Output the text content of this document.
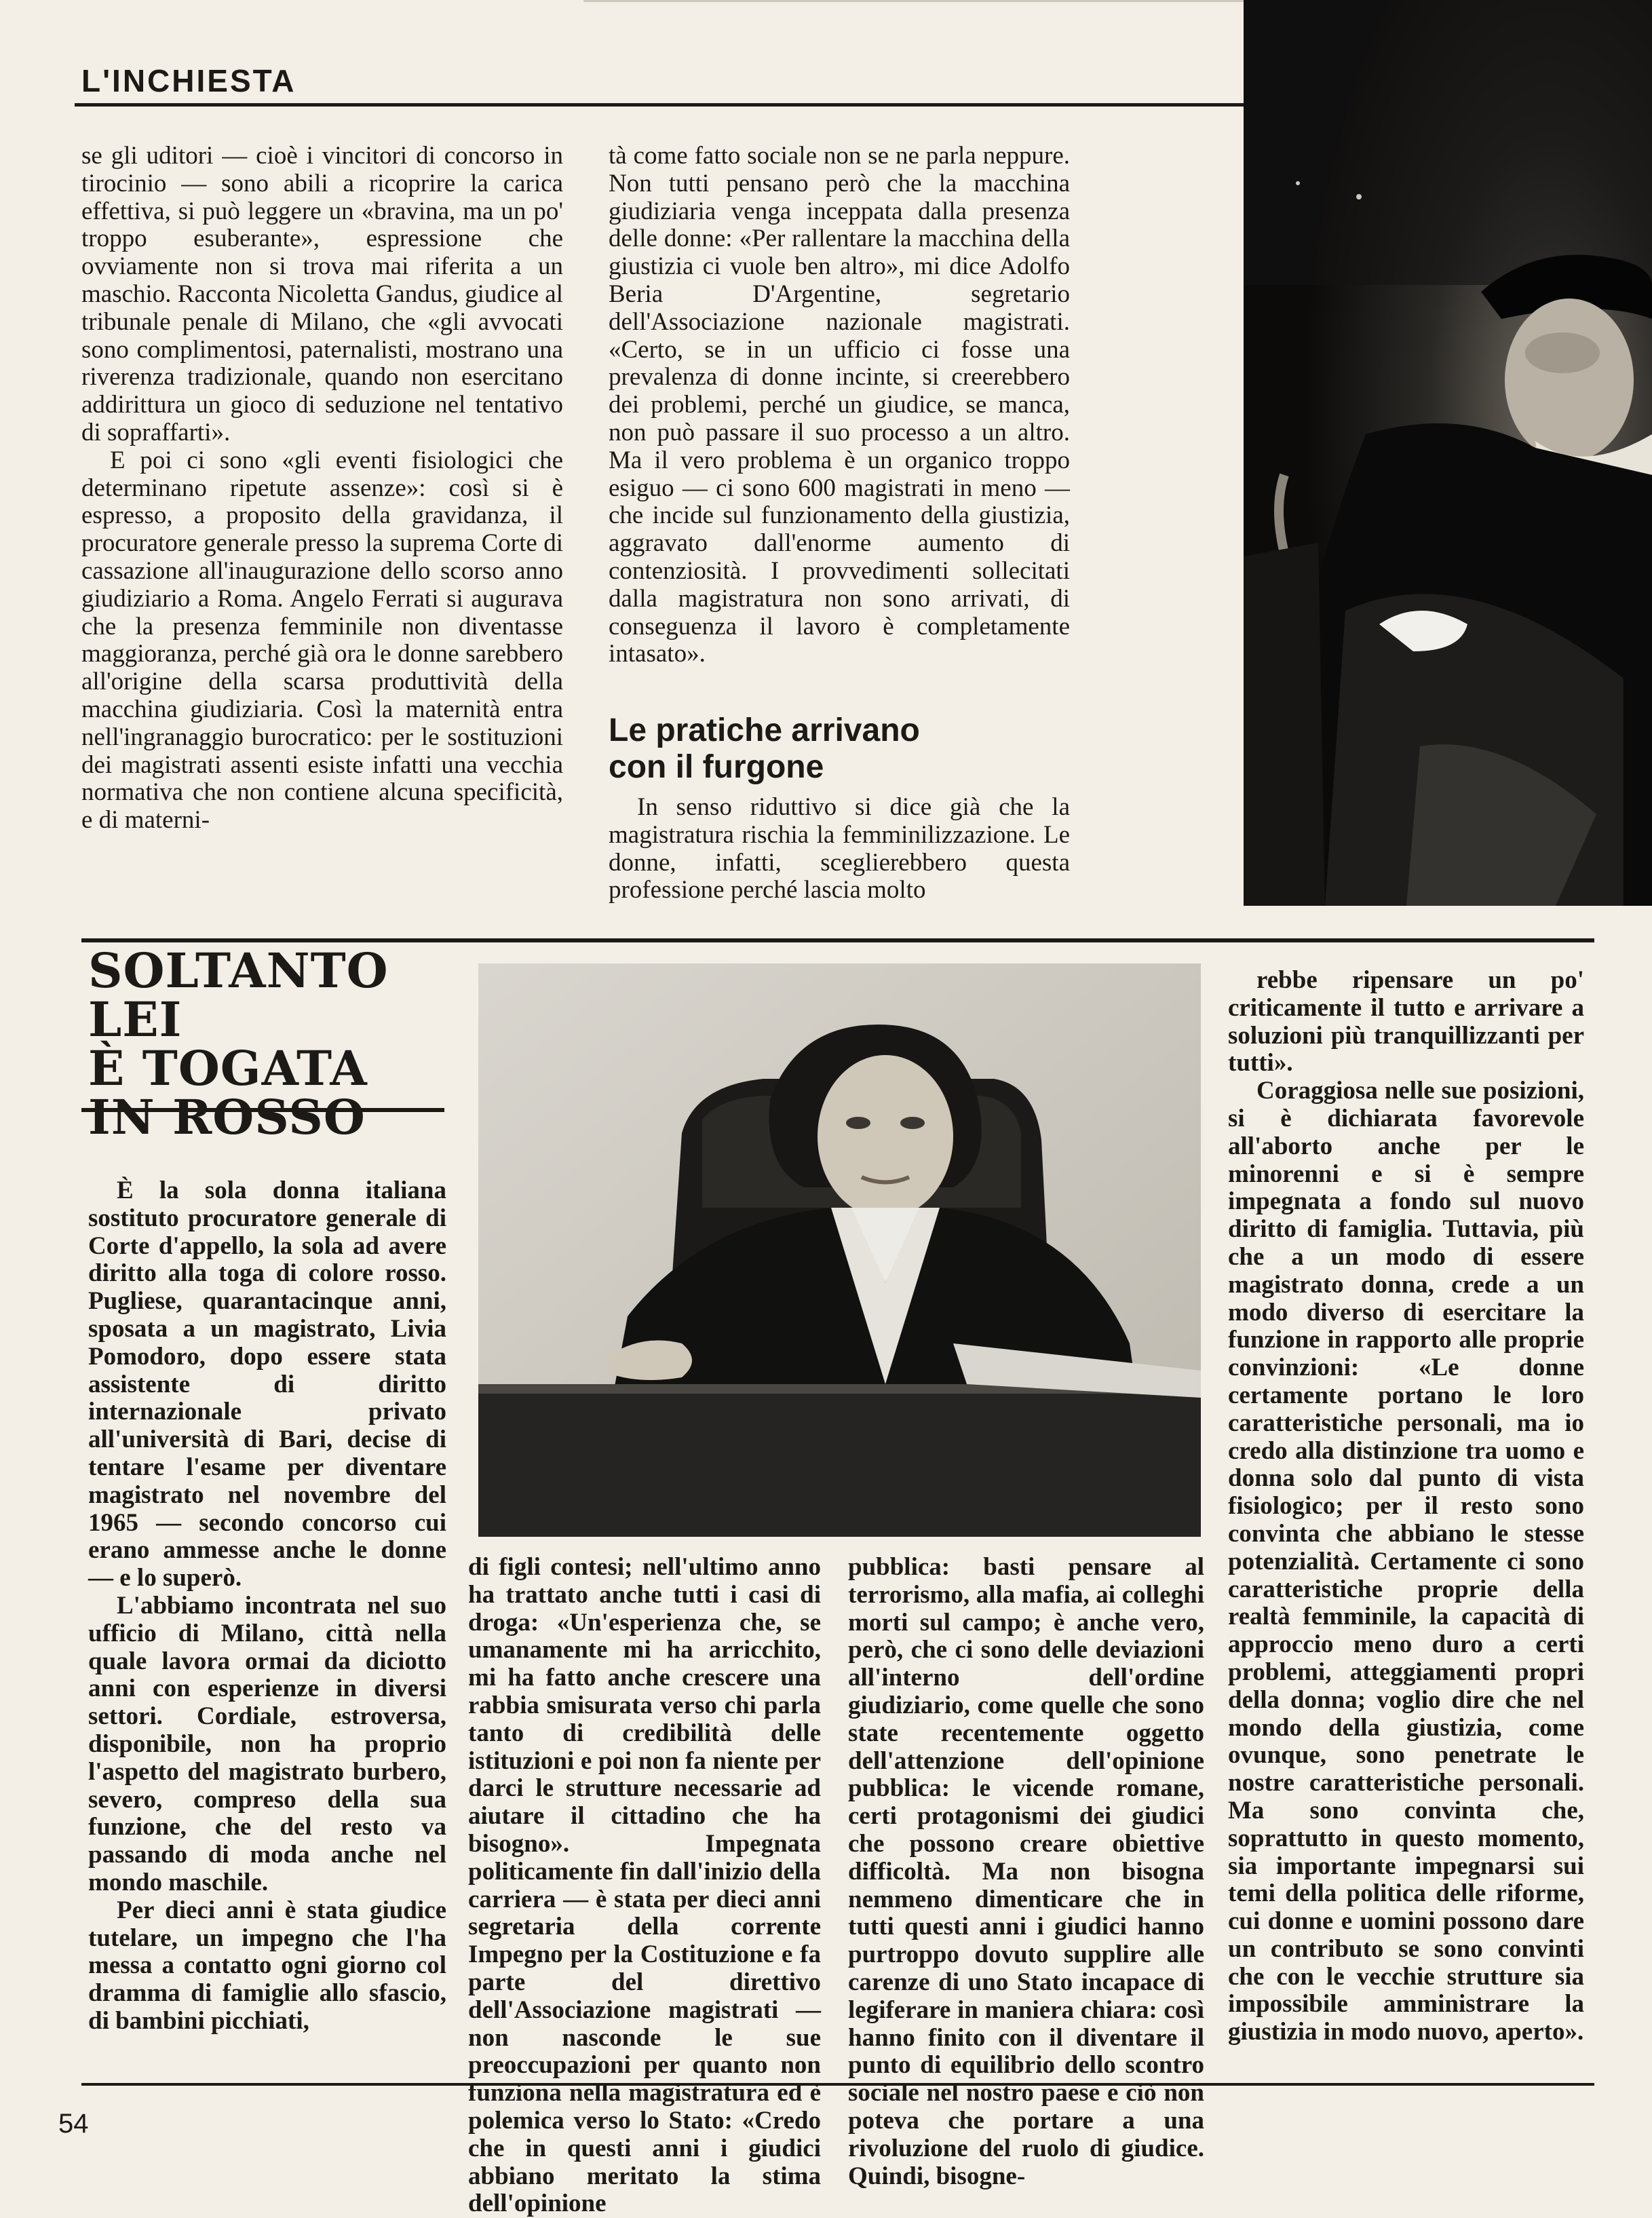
L'INCHIESTA

se gli uditori — cioè i vincitori di concorso in tirocinio — sono abili a ricoprire la carica effettiva, si può leggere un «bravina, ma un po' troppo esuberante», espressione che ovviamente non si trova mai riferita a un maschio. Racconta Nicoletta Gandus, giudice al tribunale penale di Milano, che «gli avvocati sono complimentosi, paternalisti, mostrano una riverenza tradizionale, quando non esercitano addirittura un gioco di seduzione nel tentativo di sopraffarti».

E poi ci sono «gli eventi fisiologici che determinano ripetute assenze»: così si è espresso, a proposito della gravidanza, il procuratore generale presso la suprema Corte di cassazione all'inaugurazione dello scorso anno giudiziario a Roma. Angelo Ferrati si augurava che la presenza femminile non diventasse maggioranza, perché già ora le donne sarebbero all'origine della scarsa produttività della macchina giudiziaria. Così la maternità entra nell'ingranaggio burocratico: per le sostituzioni dei magistrati assenti esiste infatti una vecchia normativa che non contiene alcuna specificità, e di materni-

tà come fatto sociale non se ne parla neppure. Non tutti pensano però che la macchina giudiziaria venga inceppata dalla presenza delle donne: «Per rallentare la macchina della giustizia ci vuole ben altro», mi dice Adolfo Beria D'Argentine, segretario dell'Associazione nazionale magistrati. «Certo, se in un ufficio ci fosse una prevalenza di donne incinte, si creerebbero dei problemi, perché un giudice, se manca, non può passare il suo processo a un altro. Ma il vero problema è un organico troppo esiguo — ci sono 600 magistrati in meno — che incide sul funzionamento della giustizia, aggravato dall'enorme aumento di contenziosità. I provvedimenti sollecitati dalla magistratura non sono arrivati, di conseguenza il lavoro è completamente intasato».

Le pratiche arrivano
con il furgone

In senso riduttivo si dice già che la magistratura rischia la femminilizzazione. Le donne, infatti, sceglierebbero questa professione perché lascia molto

SOLTANTO LEI
È TOGATA
IN ROSSO

È la sola donna italiana sostituto procuratore generale di Corte d'appello, la sola ad avere diritto alla toga di colore rosso. Pugliese, quarantacinque anni, sposata a un magistrato, Livia Pomodoro, dopo essere stata assistente di diritto internazionale privato all'università di Bari, decise di tentare l'esame per diventare magistrato nel novembre del 1965 — secondo concorso cui erano ammesse anche le donne — e lo superò.

L'abbiamo incontrata nel suo ufficio di Milano, città nella quale lavora ormai da diciotto anni con esperienze in diversi settori. Cordiale, estroversa, disponibile, non ha proprio l'aspetto del magistrato burbero, severo, compreso della sua funzione, che del resto va passando di moda anche nel mondo maschile.

Per dieci anni è stata giudice tutelare, un impegno che l'ha messa a contatto ogni giorno col dramma di famiglie allo sfascio, di bambini picchiati,

di figli contesi; nell'ultimo anno ha trattato anche tutti i casi di droga: «Un'esperienza che, se umanamente mi ha arricchito, mi ha fatto anche crescere una rabbia smisurata verso chi parla tanto di credibilità delle istituzioni e poi non fa niente per darci le strutture necessarie ad aiutare il cittadino che ha bisogno». Impegnata politicamente fin dall'inizio della carriera — è stata per dieci anni segretaria della corrente Impegno per la Costituzione e fa parte del direttivo dell'Associazione magistrati — non nasconde le sue preoccupazioni per quanto non funziona nella magistratura ed è polemica verso lo Stato: «Credo che in questi anni i giudici abbiano meritato la stima dell'opinione

pubblica: basti pensare al terrorismo, alla mafia, ai colleghi morti sul campo; è anche vero, però, che ci sono delle deviazioni all'interno dell'ordine giudiziario, come quelle che sono state recentemente oggetto dell'attenzione dell'opinione pubblica: le vicende romane, certi protagonismi dei giudici che possono creare obiettive difficoltà. Ma non bisogna nemmeno dimenticare che in tutti questi anni i giudici hanno purtroppo dovuto supplire alle carenze di uno Stato incapace di legiferare in maniera chiara: così hanno finito con il diventare il punto di equilibrio dello scontro sociale nel nostro paese e ciò non poteva che portare a una rivoluzione del ruolo di giudice. Quindi, bisogne-

rebbe ripensare un po' criticamente il tutto e arrivare a soluzioni più tranquillizzanti per tutti».

Coraggiosa nelle sue posizioni, si è dichiarata favorevole all'aborto anche per le minorenni e si è sempre impegnata a fondo sul nuovo diritto di famiglia. Tuttavia, più che a un modo di essere magistrato donna, crede a un modo diverso di esercitare la funzione in rapporto alle proprie convinzioni: «Le donne certamente portano le loro caratteristiche personali, ma io credo alla distinzione tra uomo e donna solo dal punto di vista fisiologico; per il resto sono convinta che abbiano le stesse potenzialità. Certamente ci sono caratteristiche proprie della realtà femminile, la capacità di approccio meno duro a certi problemi, atteggiamenti propri della donna; voglio dire che nel mondo della giustizia, come ovunque, sono penetrate le nostre caratteristiche personali. Ma sono convinta che, soprattutto in questo momento, sia importante impegnarsi sui temi della politica delle riforme, cui donne e uomini possono dare un contributo se sono convinti che con le vecchie strutture sia impossibile amministrare la giustizia in modo nuovo, aperto».

54
